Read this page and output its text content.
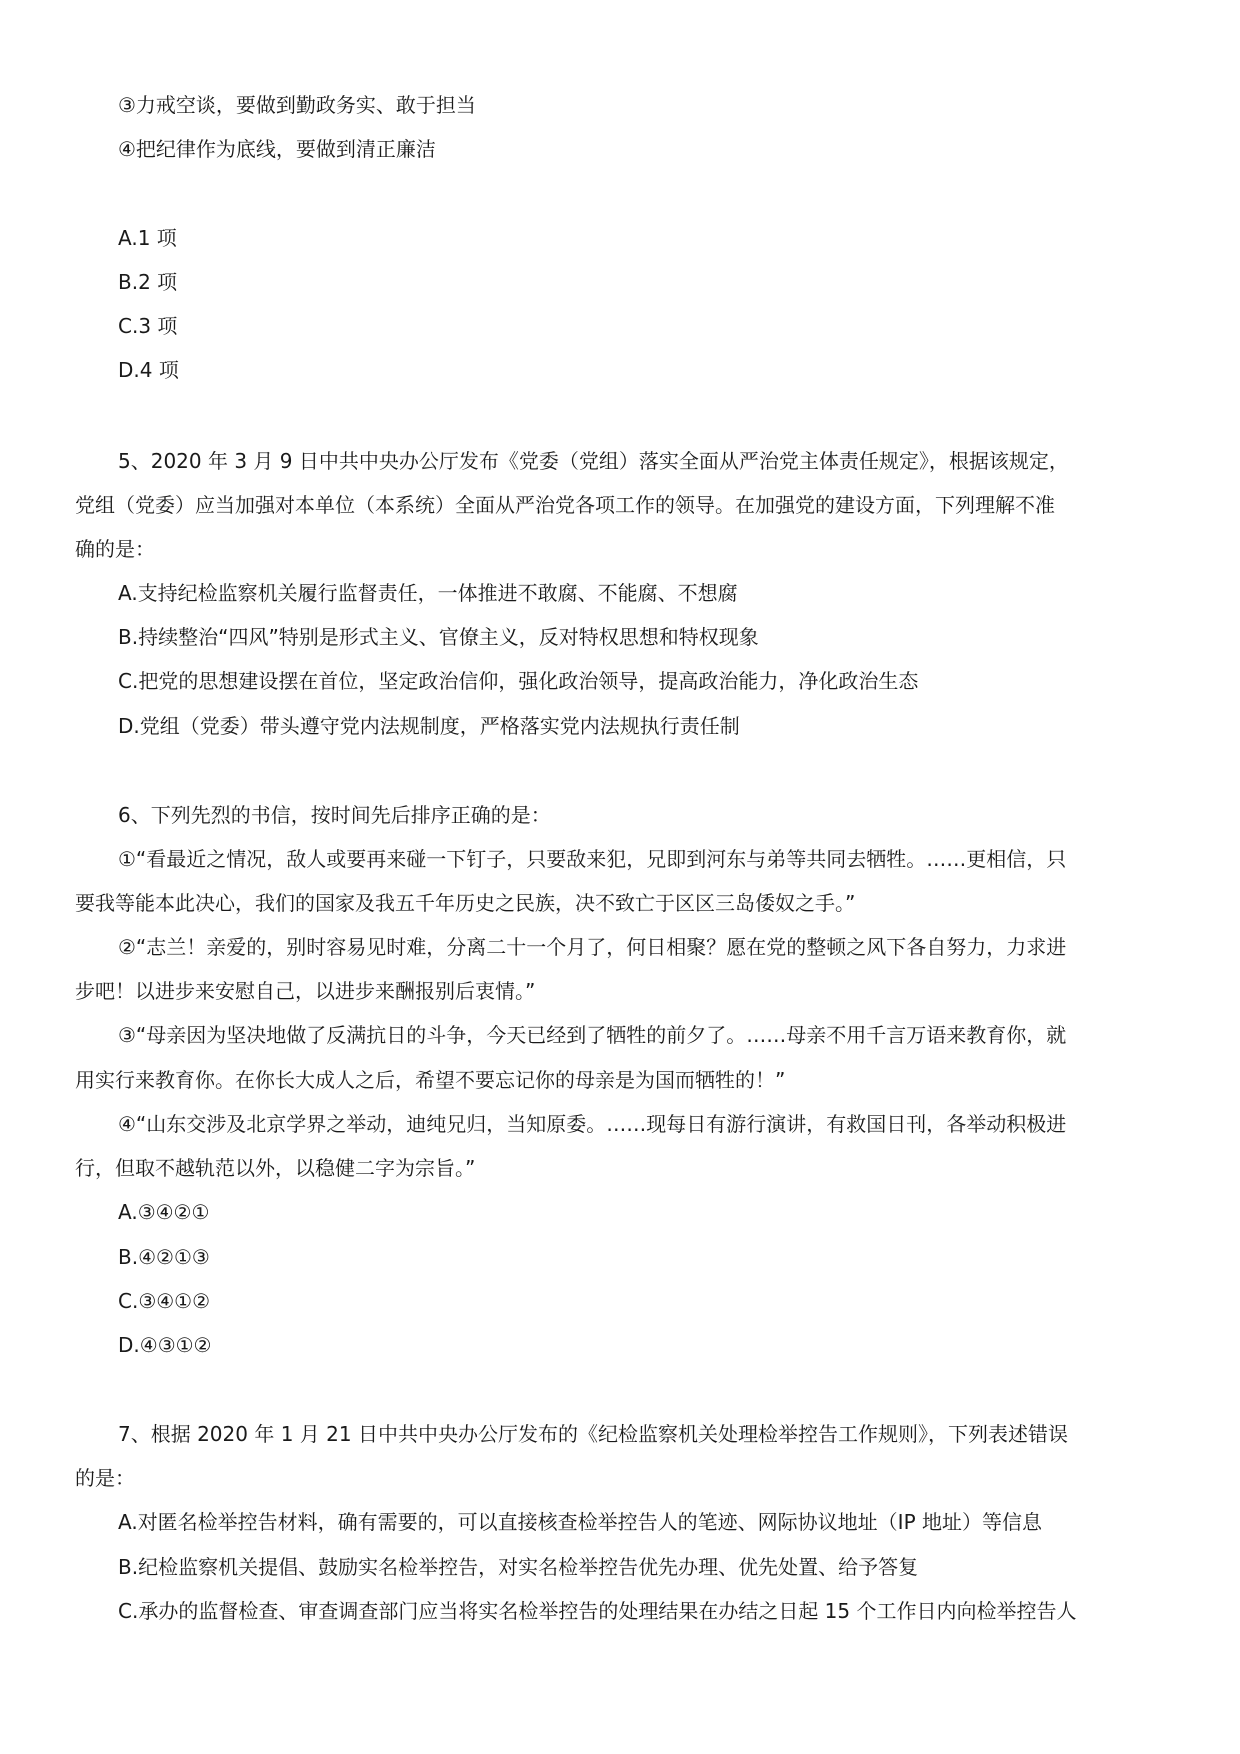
③力戒空谈，要做到勤政务实、敢于担当
④把纪律作为底线，要做到清正廉洁
A.1 项
B.2 项
C.3 项
D.4 项
5、2020 年 3 月 9 日中共中央办公厅发布《党委（党组）落实全面从严治党主体责任规定》，根据该规定，
党组（党委）应当加强对本单位（本系统）全面从严治党各项工作的领导。在加强党的建设方面，下列理解不准
确的是：
A.支持纪检监察机关履行监督责任，一体推进不敢腐、不能腐、不想腐
B.持续整治“四风”特别是形式主义、官僚主义，反对特权思想和特权现象
C.把党的思想建设摆在首位，坚定政治信仰，强化政治领导，提高政治能力，净化政治生态
D.党组（党委）带头遵守党内法规制度，严格落实党内法规执行责任制
6、下列先烈的书信，按时间先后排序正确的是：
①“看最近之情况，敌人或要再来碰一下钉子，只要敌来犯，兄即到河东与弟等共同去牺牲。……更相信，只
要我等能本此决心，我们的国家及我五千年历史之民族，决不致亡于区区三岛倭奴之手。”
②“志兰！亲爱的，别时容易见时难，分离二十一个月了，何日相聚？愿在党的整顿之风下各自努力，力求进
步吧！以进步来安慰自己，以进步来酬报别后衷情。”
③“母亲因为坚决地做了反满抗日的斗争，今天已经到了牺牲的前夕了。……母亲不用千言万语来教育你，就
用实行来教育你。在你长大成人之后，希望不要忘记你的母亲是为国而牺牲的！”
④“山东交涉及北京学界之举动，迪纯兄归，当知原委。……现每日有游行演讲，有救国日刊，各举动积极进
行，但取不越轨范以外，以稳健二字为宗旨。”
A.③④②①
B.④②①③
C.③④①②
D.④③①②
7、根据 2020 年 1 月 21 日中共中央办公厅发布的《纪检监察机关处理检举控告工作规则》，下列表述错误
的是：
A.对匿名检举控告材料，确有需要的，可以直接核查检举控告人的笔迹、网际协议地址（IP 地址）等信息
B.纪检监察机关提倡、鼓励实名检举控告，对实名检举控告优先办理、优先处置、给予答复
C.承办的监督检查、审查调查部门应当将实名检举控告的处理结果在办结之日起 15 个工作日内向检举控告人
